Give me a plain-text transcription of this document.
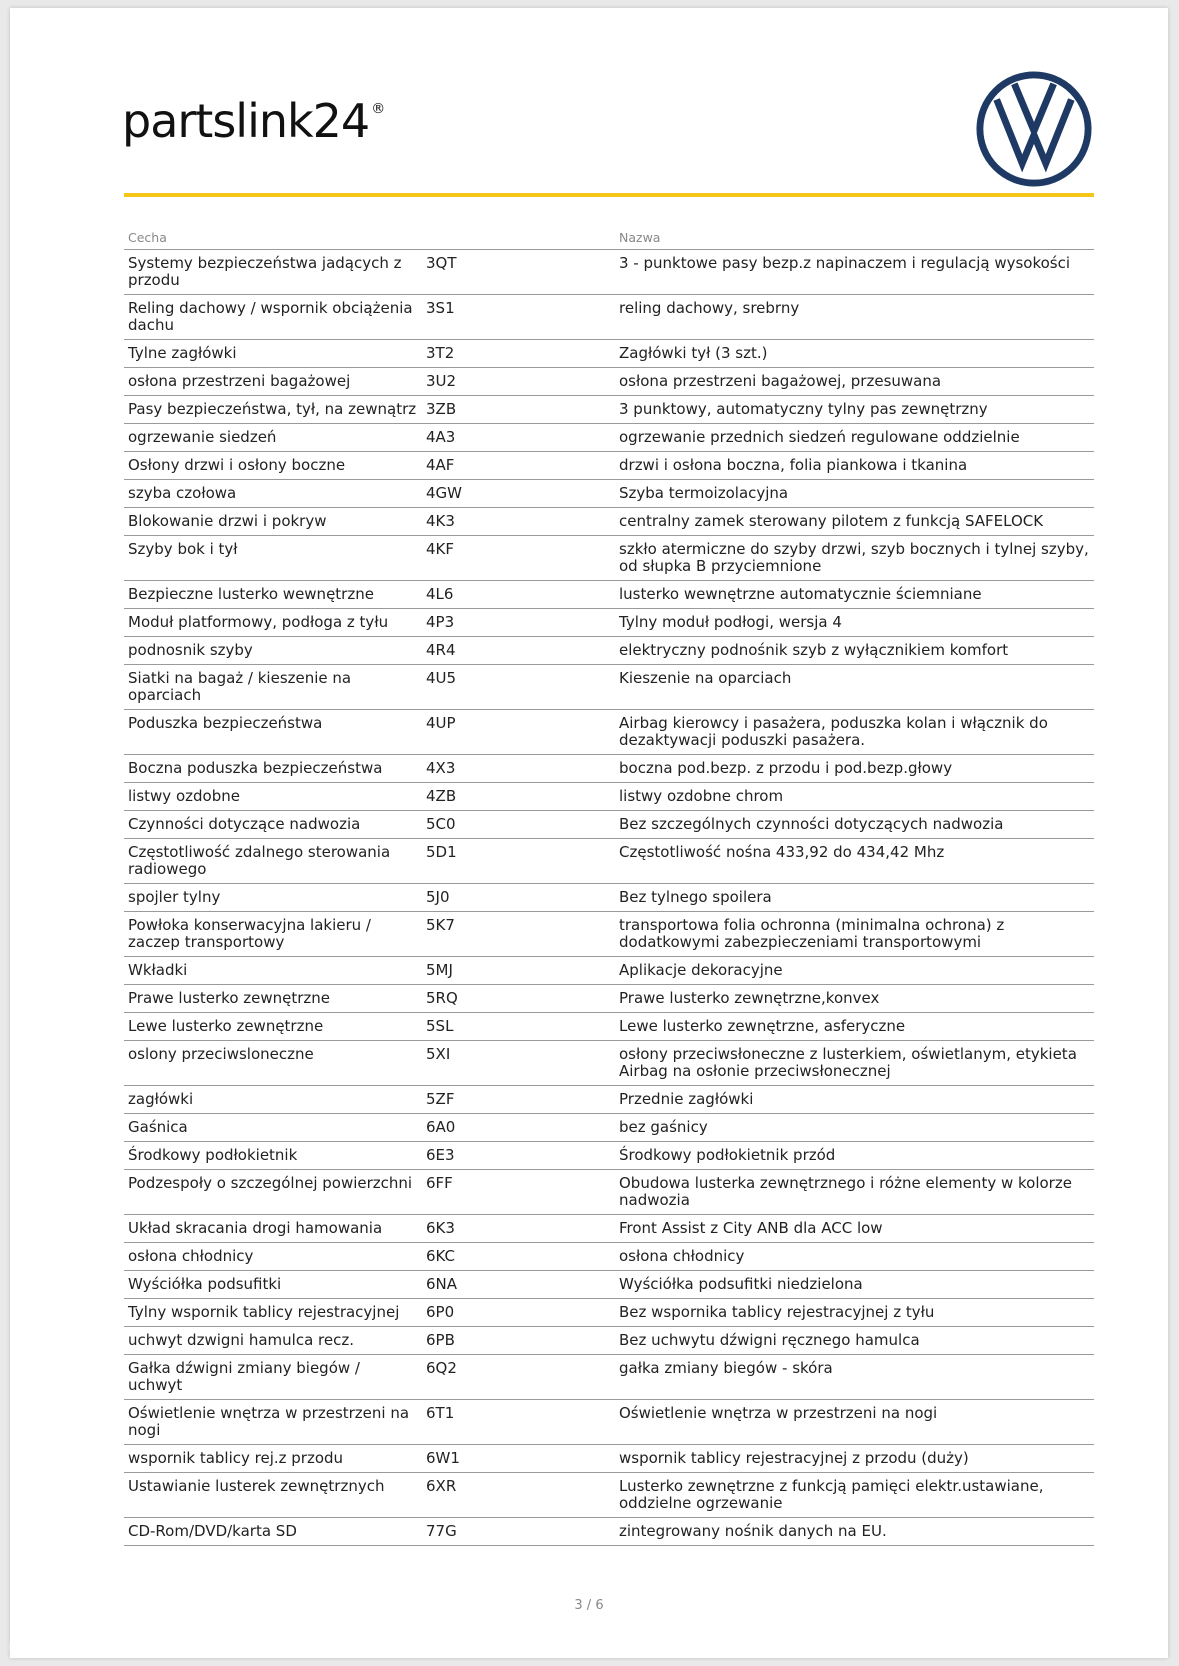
partslink24 ®
Cecha		Nazwa
Systemy bezpieczeństwa jadących z przodu	3QT	3 - punktowe pasy bezp.z napinaczem i regulacją wysokości
Reling dachowy / wspornik obciążenia dachu	3S1	reling dachowy, srebrny
Tylne zagłówki	3T2	Zagłówki tył (3 szt.)
osłona przestrzeni bagażowej	3U2	osłona przestrzeni bagażowej, przesuwana
Pasy bezpieczeństwa, tył, na zewnątrz	3ZB	3 punktowy, automatyczny tylny pas zewnętrzny
ogrzewanie siedzeń	4A3	ogrzewanie przednich siedzeń regulowane oddzielnie
Osłony drzwi i osłony boczne	4AF	drzwi i osłona boczna, folia piankowa i tkanina
szyba czołowa	4GW	Szyba termoizolacyjna
Blokowanie drzwi i pokryw	4K3	centralny zamek sterowany pilotem z funkcją SAFELOCK
Szyby bok i tył	4KF	szkło atermiczne do szyby drzwi, szyb bocznych i tylnej szyby, od słupka B przyciemnione
Bezpieczne lusterko wewnętrzne	4L6	lusterko wewnętrzne automatycznie ściemniane
Moduł platformowy, podłoga z tyłu	4P3	Tylny moduł podłogi, wersja 4
podnosnik szyby	4R4	elektryczny podnośnik szyb z wyłącznikiem komfort
Siatki na bagaż / kieszenie na oparciach	4U5	Kieszenie na oparciach
Poduszka bezpieczeństwa	4UP	Airbag kierowcy i pasażera, poduszka kolan i włącznik do dezaktywacji poduszki pasażera.
Boczna poduszka bezpieczeństwa	4X3	boczna pod.bezp. z przodu i pod.bezp.głowy
listwy ozdobne	4ZB	listwy ozdobne chrom
Czynności dotyczące nadwozia	5C0	Bez szczególnych czynności dotyczących nadwozia
Częstotliwość zdalnego sterowania radiowego	5D1	Częstotliwość nośna 433,92 do 434,42 Mhz
spojler tylny	5J0	Bez tylnego spoilera
Powłoka konserwacyjna lakieru / zaczep transportowy	5K7	transportowa folia ochronna (minimalna ochrona) z dodatkowymi zabezpieczeniami transportowymi
Wkładki	5MJ	Aplikacje dekoracyjne
Prawe lusterko zewnętrzne	5RQ	Prawe lusterko zewnętrzne,konvex
Lewe lusterko zewnętrzne	5SL	Lewe lusterko zewnętrzne, asferyczne
oslony przeciwsloneczne	5XI	osłony przeciwsłoneczne z lusterkiem, oświetlanym, etykieta Airbag na osłonie przeciwsłonecznej
zagłówki	5ZF	Przednie zagłówki
Gaśnica	6A0	bez gaśnicy
Środkowy podłokietnik	6E3	Środkowy podłokietnik przód
Podzespoły o szczególnej powierzchni	6FF	Obudowa lusterka zewnętrznego i różne elementy w kolorze nadwozia
Układ skracania drogi hamowania	6K3	Front Assist z City ANB dla ACC low
osłona chłodnicy	6KC	osłona chłodnicy
Wyściółka podsufitki	6NA	Wyściółka podsufitki niedzielona
Tylny wspornik tablicy rejestracyjnej	6P0	Bez wspornika tablicy rejestracyjnej z tyłu
uchwyt dzwigni hamulca recz.	6PB	Bez uchwytu dźwigni ręcznego hamulca
Gałka dźwigni zmiany biegów / uchwyt	6Q2	gałka zmiany biegów - skóra
Oświetlenie wnętrza w przestrzeni na nogi	6T1	Oświetlenie wnętrza w przestrzeni na nogi
wspornik tablicy rej.z przodu	6W1	wspornik tablicy rejestracyjnej z przodu (duży)
Ustawianie lusterek zewnętrznych	6XR	Lusterko zewnętrzne z funkcją pamięci elektr.ustawiane, oddzielne ogrzewanie
CD-Rom/DVD/karta SD	77G	zintegrowany nośnik danych na EU.
3 / 6
otomoto
